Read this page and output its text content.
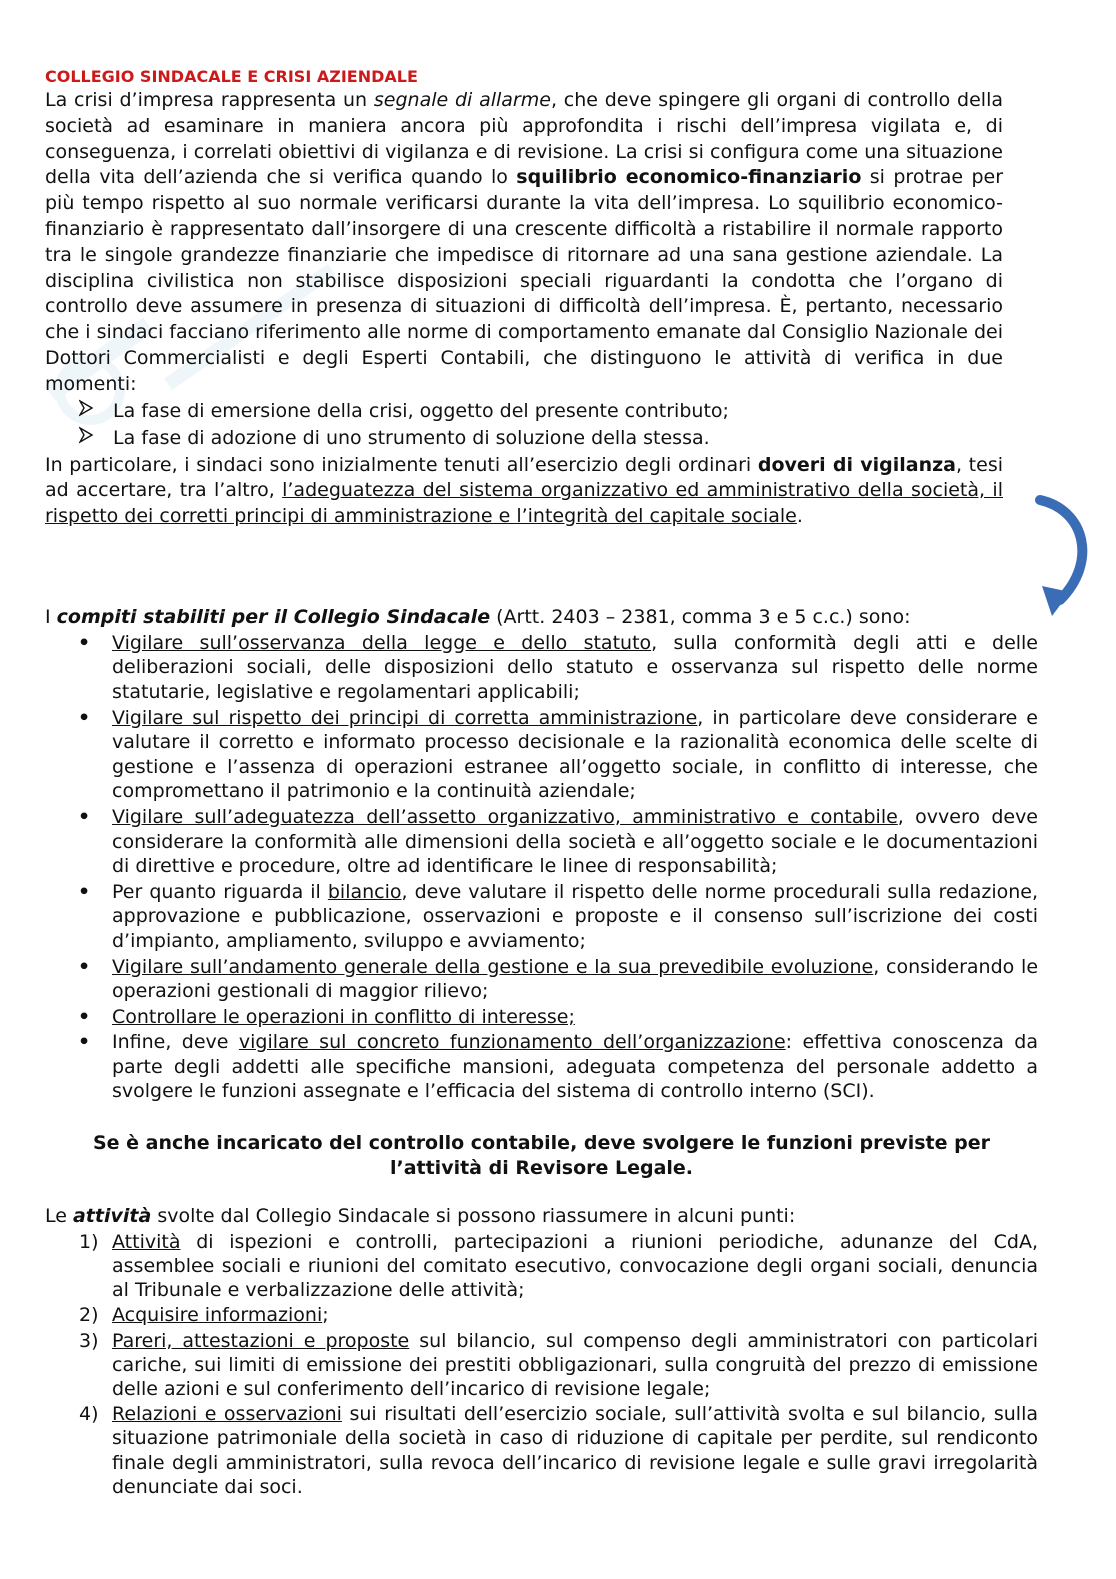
COLLEGIO SINDACALE E CRISI AZIENDALE

La crisi d’impresa rappresenta un segnale di allarme, che deve spingere gli organi di controllo della società ad esaminare in maniera ancora più approfondita i rischi dell’impresa vigilata e, di conseguenza, i correlati obiettivi di vigilanza e di revisione. La crisi si configura come una situazione della vita dell’azienda che si verifica quando lo squilibrio economico-finanziario si protrae per più tempo rispetto al suo normale verificarsi durante la vita dell’impresa. Lo squilibrio economico-finanziario è rappresentato dall’insorgere di una crescente difficoltà a ristabilire il normale rapporto tra le singole grandezze finanziarie che impedisce di ritornare ad una sana gestione aziendale. La disciplina civilistica non stabilisce disposizioni speciali riguardanti la condotta che l’organo di controllo deve assumere in presenza di situazioni di difficoltà dell’impresa. È, pertanto, necessario che i sindaci facciano riferimento alle norme di comportamento emanate dal Consiglio Nazionale dei Dottori Commercialisti e degli Esperti Contabili, che distinguono le attività di verifica in due momenti:

La fase di emersione della crisi, oggetto del presente contributo;
La fase di adozione di uno strumento di soluzione della stessa.

In particolare, i sindaci sono inizialmente tenuti all’esercizio degli ordinari doveri di vigilanza, tesi ad accertare, tra l’altro, l’adeguatezza del sistema organizzativo ed amministrativo della società, il rispetto dei corretti principi di amministrazione e l’integrità del capitale sociale.

I compiti stabiliti per il Collegio Sindacale (Artt. 2403 – 2381, comma 3 e 5 c.c.) sono:

• Vigilare sull’osservanza della legge e dello statuto, sulla conformità degli atti e delle deliberazioni sociali, delle disposizioni dello statuto e osservanza sul rispetto delle norme statutarie, legislative e regolamentari applicabili;
• Vigilare sul rispetto dei principi di corretta amministrazione, in particolare deve considerare e valutare il corretto e informato processo decisionale e la razionalità economica delle scelte di gestione e l’assenza di operazioni estranee all’oggetto sociale, in conflitto di interesse, che compromettano il patrimonio e la continuità aziendale;
• Vigilare sull’adeguatezza dell’assetto organizzativo, amministrativo e contabile, ovvero deve considerare la conformità alle dimensioni della società e all’oggetto sociale e le documentazioni di direttive e procedure, oltre ad identificare le linee di responsabilità;
• Per quanto riguarda il bilancio, deve valutare il rispetto delle norme procedurali sulla redazione, approvazione e pubblicazione, osservazioni e proposte e il consenso sull’iscrizione dei costi d’impianto, ampliamento, sviluppo e avviamento;
• Vigilare sull’andamento generale della gestione e la sua prevedibile evoluzione, considerando le operazioni gestionali di maggior rilievo;
• Controllare le operazioni in conflitto di interesse;
• Infine, deve vigilare sul concreto funzionamento dell’organizzazione: effettiva conoscenza da parte degli addetti alle specifiche mansioni, adeguata competenza del personale addetto a svolgere le funzioni assegnate e l’efficacia del sistema di controllo interno (SCI).
Se è anche incaricato del controllo contabile, deve svolgere le funzioni previste per l’attività di Revisore Legale.

Le attività svolte dal Collegio Sindacale si possono riassumere in alcuni punti:

1) Attività di ispezioni e controlli, partecipazioni a riunioni periodiche, adunanze del CdA, assemblee sociali e riunioni del comitato esecutivo, convocazione degli organi sociali, denuncia al Tribunale e verbalizzazione delle attività;
2) Acquisire informazioni;
3) Pareri, attestazioni e proposte sul bilancio, sul compenso degli amministratori con particolari cariche, sui limiti di emissione dei prestiti obbligazionari, sulla congruità del prezzo di emissione delle azioni e sul conferimento dell’incarico di revisione legale;
4) Relazioni e osservazioni sui risultati dell’esercizio sociale, sull’attività svolta e sul bilancio, sulla situazione patrimoniale della società in caso di riduzione di capitale per perdite, sul rendiconto finale degli amministratori, sulla revoca dell’incarico di revisione legale e sulle gravi irregolarità denunciate dai soci.
